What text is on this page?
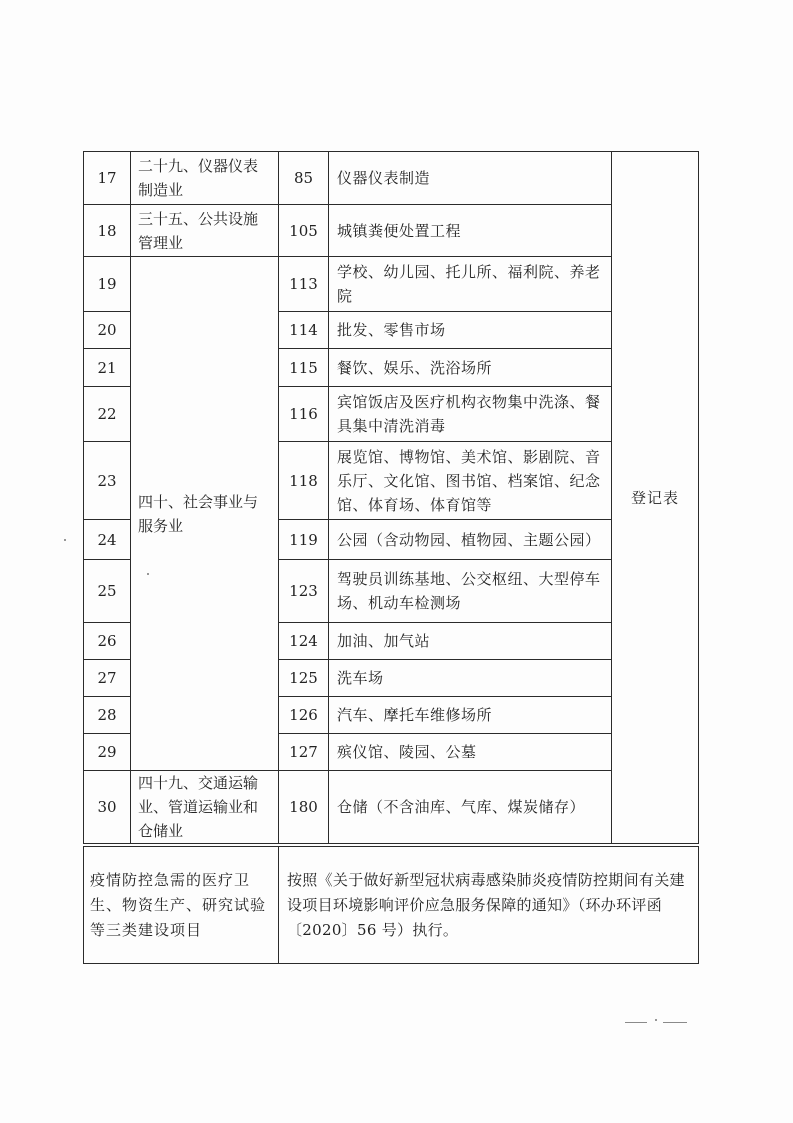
17	二十九、仪器仪表制造业	85	仪器仪表制造	登记表
18	三十五、公共设施管理业	105	城镇粪便处置工程	
19	四十、社会事业与服务业	113	学校、幼儿园、托儿所、福利院、养老院	
20		114	批发、零售市场	
21		115	餐饮、娱乐、洗浴场所	
22		116	宾馆饭店及医疗机构衣物集中洗涤、餐具集中清洗消毒	
23		118	展览馆、博物馆、美术馆、影剧院、音乐厅、文化馆、图书馆、档案馆、纪念馆、体育场、体育馆等	
24		119	公园（含动物园、植物园、主题公园）	
25		123	驾驶员训练基地、公交枢纽、大型停车场、机动车检测场	
26		124	加油、加气站	
27		125	洗车场	
28		126	汽车、摩托车维修场所	
29		127	殡仪馆、陵园、公墓	
30	四十九、交通运输业、管道运输业和仓储业	180	仓储（不含油库、气库、煤炭储存）	
疫情防控急需的医疗卫生、物资生产、研究试验等三类建设项目	按照《关于做好新型冠状病毒感染肺炎疫情防控期间有关建设项目环境影响评价应急服务保障的通知》（环办环评函〔2020〕56 号）执行。
